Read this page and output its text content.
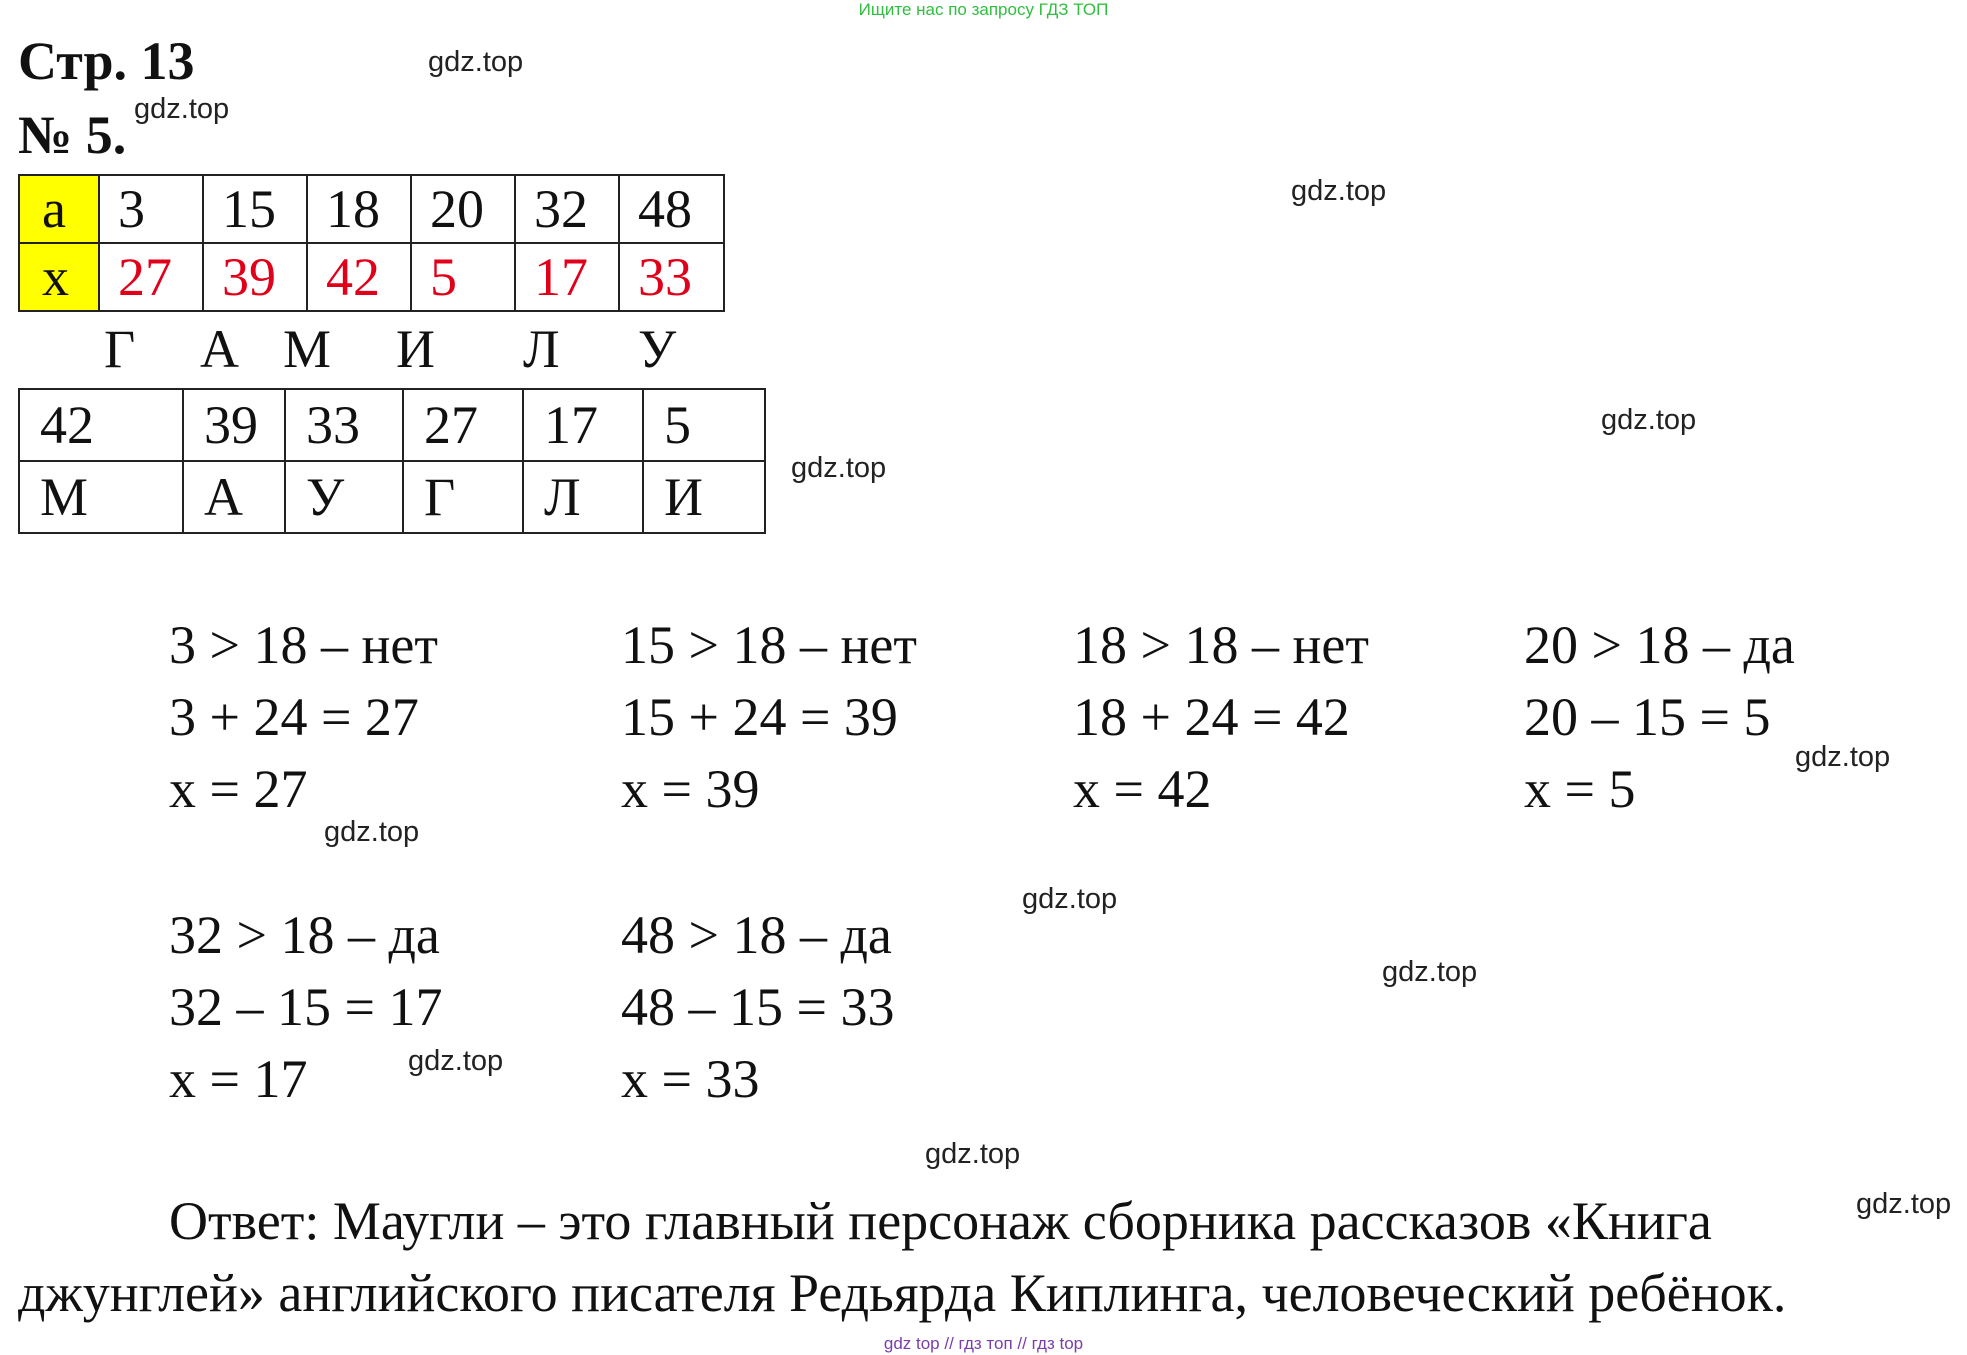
Ищите нас по запросу ГДЗ ТОП
Стр. 13
№ 5.
gdz.top
gdz.top
gdz.top
gdz.top
gdz.top
gdz.top
gdz.top
gdz.top
gdz.top
gdz.top
gdz.top
gdz.top
а	3	15	18	20	32	48
х	27	39	42	5	17	33
Г А М И Л У
42	39	33	27	17	5
М	А	У	Г	Л	И
3 > 18 – нет
3 + 24 = 27
х = 27
15 > 18 – нет
15 + 24 = 39
х = 39
18 > 18 – нет
18 + 24 = 42
х = 42
20 > 18 – да
20 – 15 = 5
х = 5
32 > 18 – да
32 – 15 = 17
х = 17
48 > 18 – да
48 – 15 = 33
х = 33
Ответ: Маугли – это главный персонаж сборника рассказов «Книга
джунглей» английского писателя Редьярда Киплинга, человеческий ребёнок.
gdz top // гдз топ // гдз top
